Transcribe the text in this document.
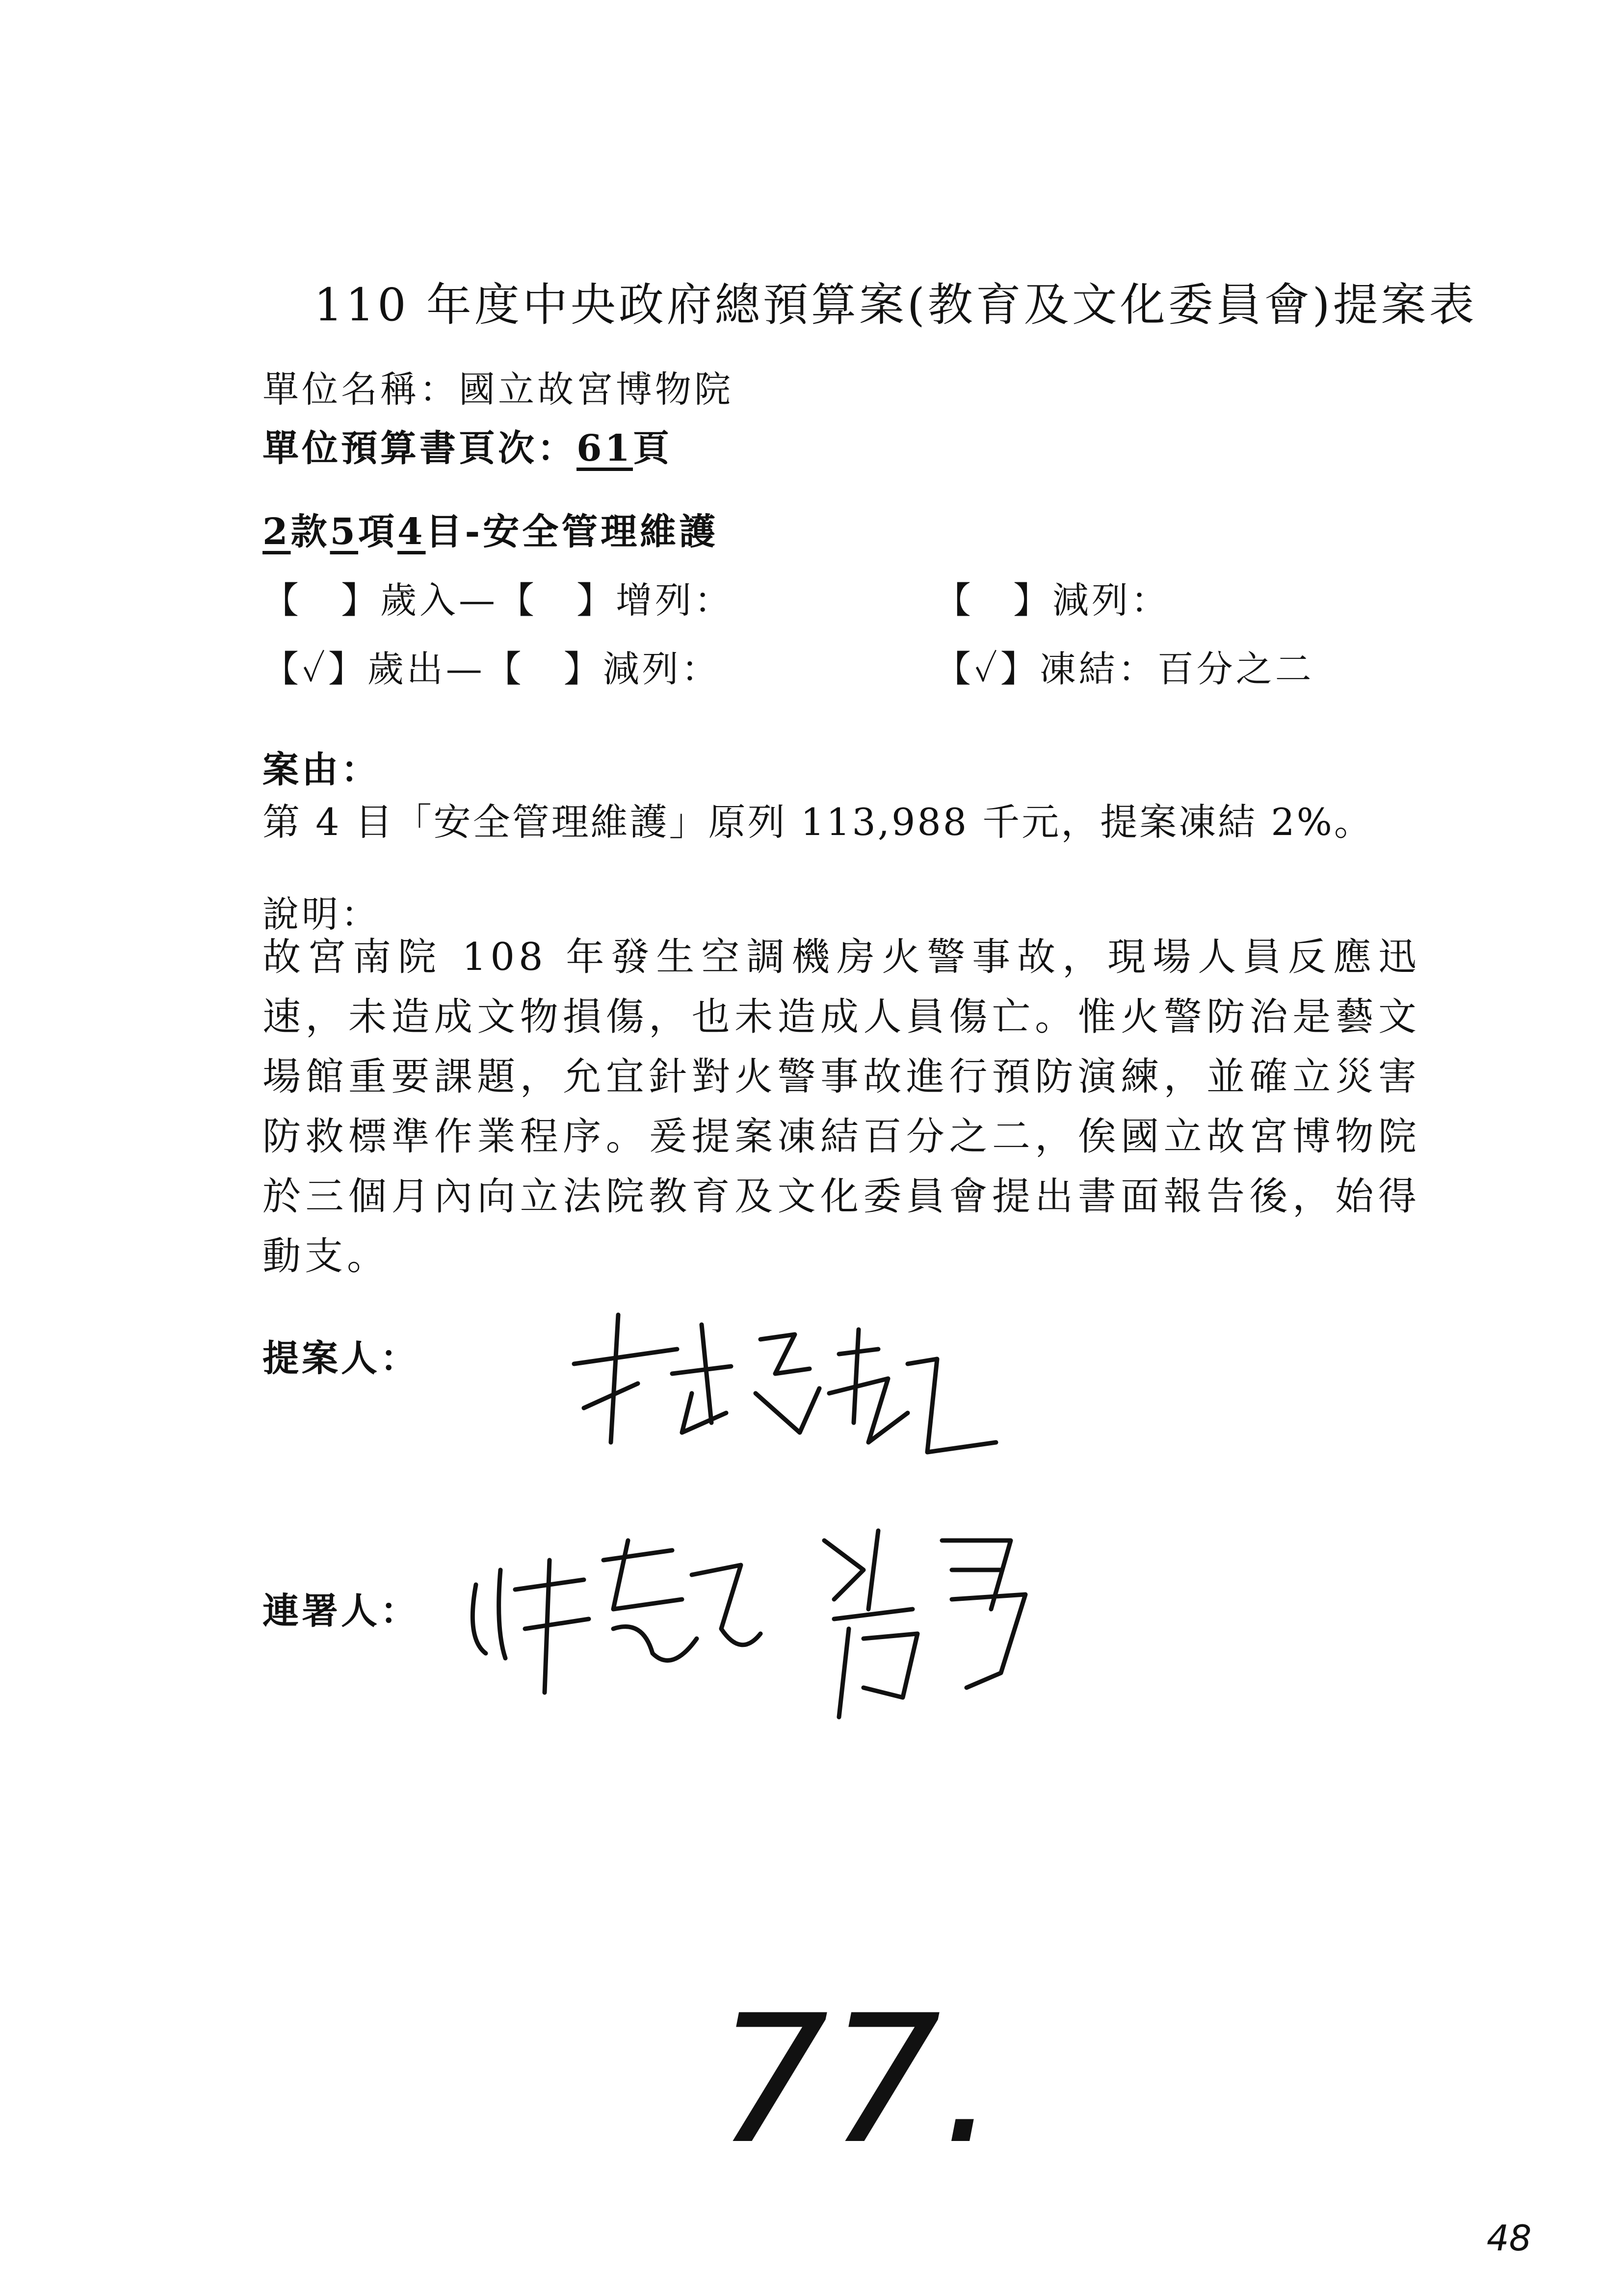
110 年度中央政府總預算案(教育及文化委員會)提案表
單位名稱：國立故宮博物院
單位預算書頁次：61頁
2款5項4目-安全管理維護
【　】歲入—【　】增列：	【　】減列：
【✓】歲出—【　】減列：	【✓】凍結：百分之二
案由：
第 4 目「安全管理維護」原列 113,988 千元，提案凍結 2%。
說明：
故宮南院 108 年發生空調機房火警事故，現場人員反應迅速，未造成文物損傷，也未造成人員傷亡。惟火警防治是藝文場館重要課題，允宜針對火警事故進行預防演練，並確立災害防救標準作業程序。爰提案凍結百分之二，俟國立故宮博物院於三個月內向立法院教育及文化委員會提出書面報告後，始得動支。
提案人：
連署人：
77.
48
